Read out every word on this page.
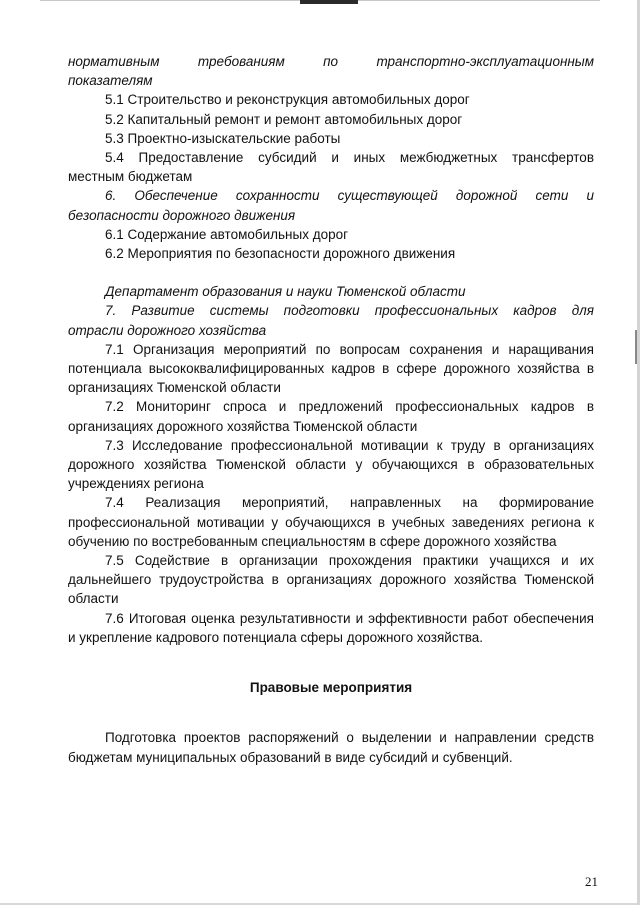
нормативным требованиям по транспортно-эксплуатационным

показателям

5.1 Строительство и реконструкция автомобильных дорог

5.2 Капитальный ремонт и ремонт автомобильных дорог

5.3 Проектно-изыскательские работы

5.4 Предоставление субсидий и иных межбюджетных трансфертов

местным бюджетам

6. Обеспечение сохранности существующей дорожной сети и

безопасности дорожного движения

6.1 Содержание автомобильных дорог

6.2 Мероприятия по безопасности дорожного движения

Департамент образования и науки Тюменской области

7. Развитие системы подготовки профессиональных кадров для

отрасли дорожного хозяйства

7.1 Организация мероприятий по вопросам сохранения и наращивания потенциала высококвалифицированных кадров в сфере дорожного хозяйства в организациях Тюменской области

7.2 Мониторинг спроса и предложений профессиональных кадров в организациях дорожного хозяйства Тюменской области

7.3 Исследование профессиональной мотивации к труду в организациях дорожного хозяйства Тюменской области у обучающихся в образовательных учреждениях региона

7.4 Реализация мероприятий, направленных на формирование профессиональной мотивации у обучающихся в учебных заведениях региона к обучению по востребованным специальностям в сфере дорожного хозяйства

7.5 Содействие в организации прохождения практики учащихся и их дальнейшего трудоустройства в организациях дорожного хозяйства Тюменской области

7.6 Итоговая оценка результативности и эффективности работ обеспечения и укрепление кадрового потенциала сферы дорожного хозяйства.

Правовые мероприятия

Подготовка проектов распоряжений о выделении и направлении средств бюджетам муниципальных образований в виде субсидий и субвенций.

21
